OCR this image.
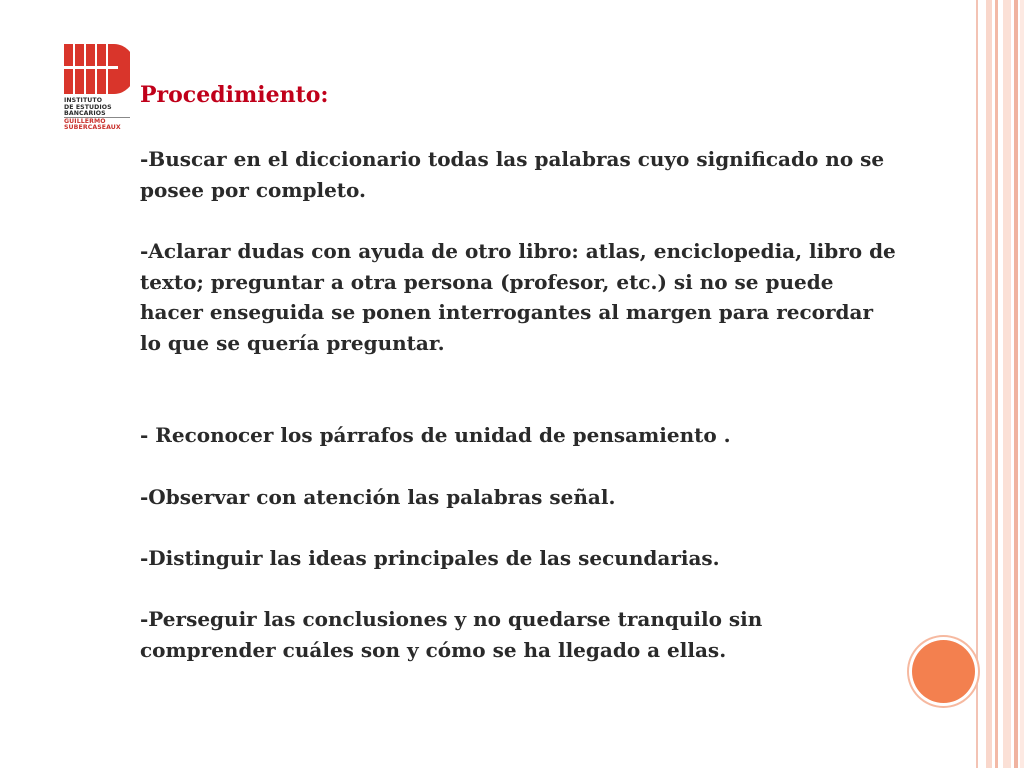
INSTITUTO
DE ESTUDIOS
BANCARIOS
GUILLERMO
SUBERCASEAUX
Procedimiento:
-Buscar en el diccionario todas las palabras cuyo significado no se posee por completo.
-Aclarar dudas con ayuda de otro libro: atlas, enciclopedia, libro de texto; preguntar a otra persona (profesor, etc.) si no se puede hacer enseguida se ponen interrogantes al margen para recordar lo que se quería preguntar.
- Reconocer los párrafos de unidad de pensamiento .
-Observar con atención las palabras señal.
-Distinguir las ideas principales de las secundarias.
-Perseguir las conclusiones y no quedarse tranquilo sin comprender cuáles son y cómo se ha llegado a ellas.
